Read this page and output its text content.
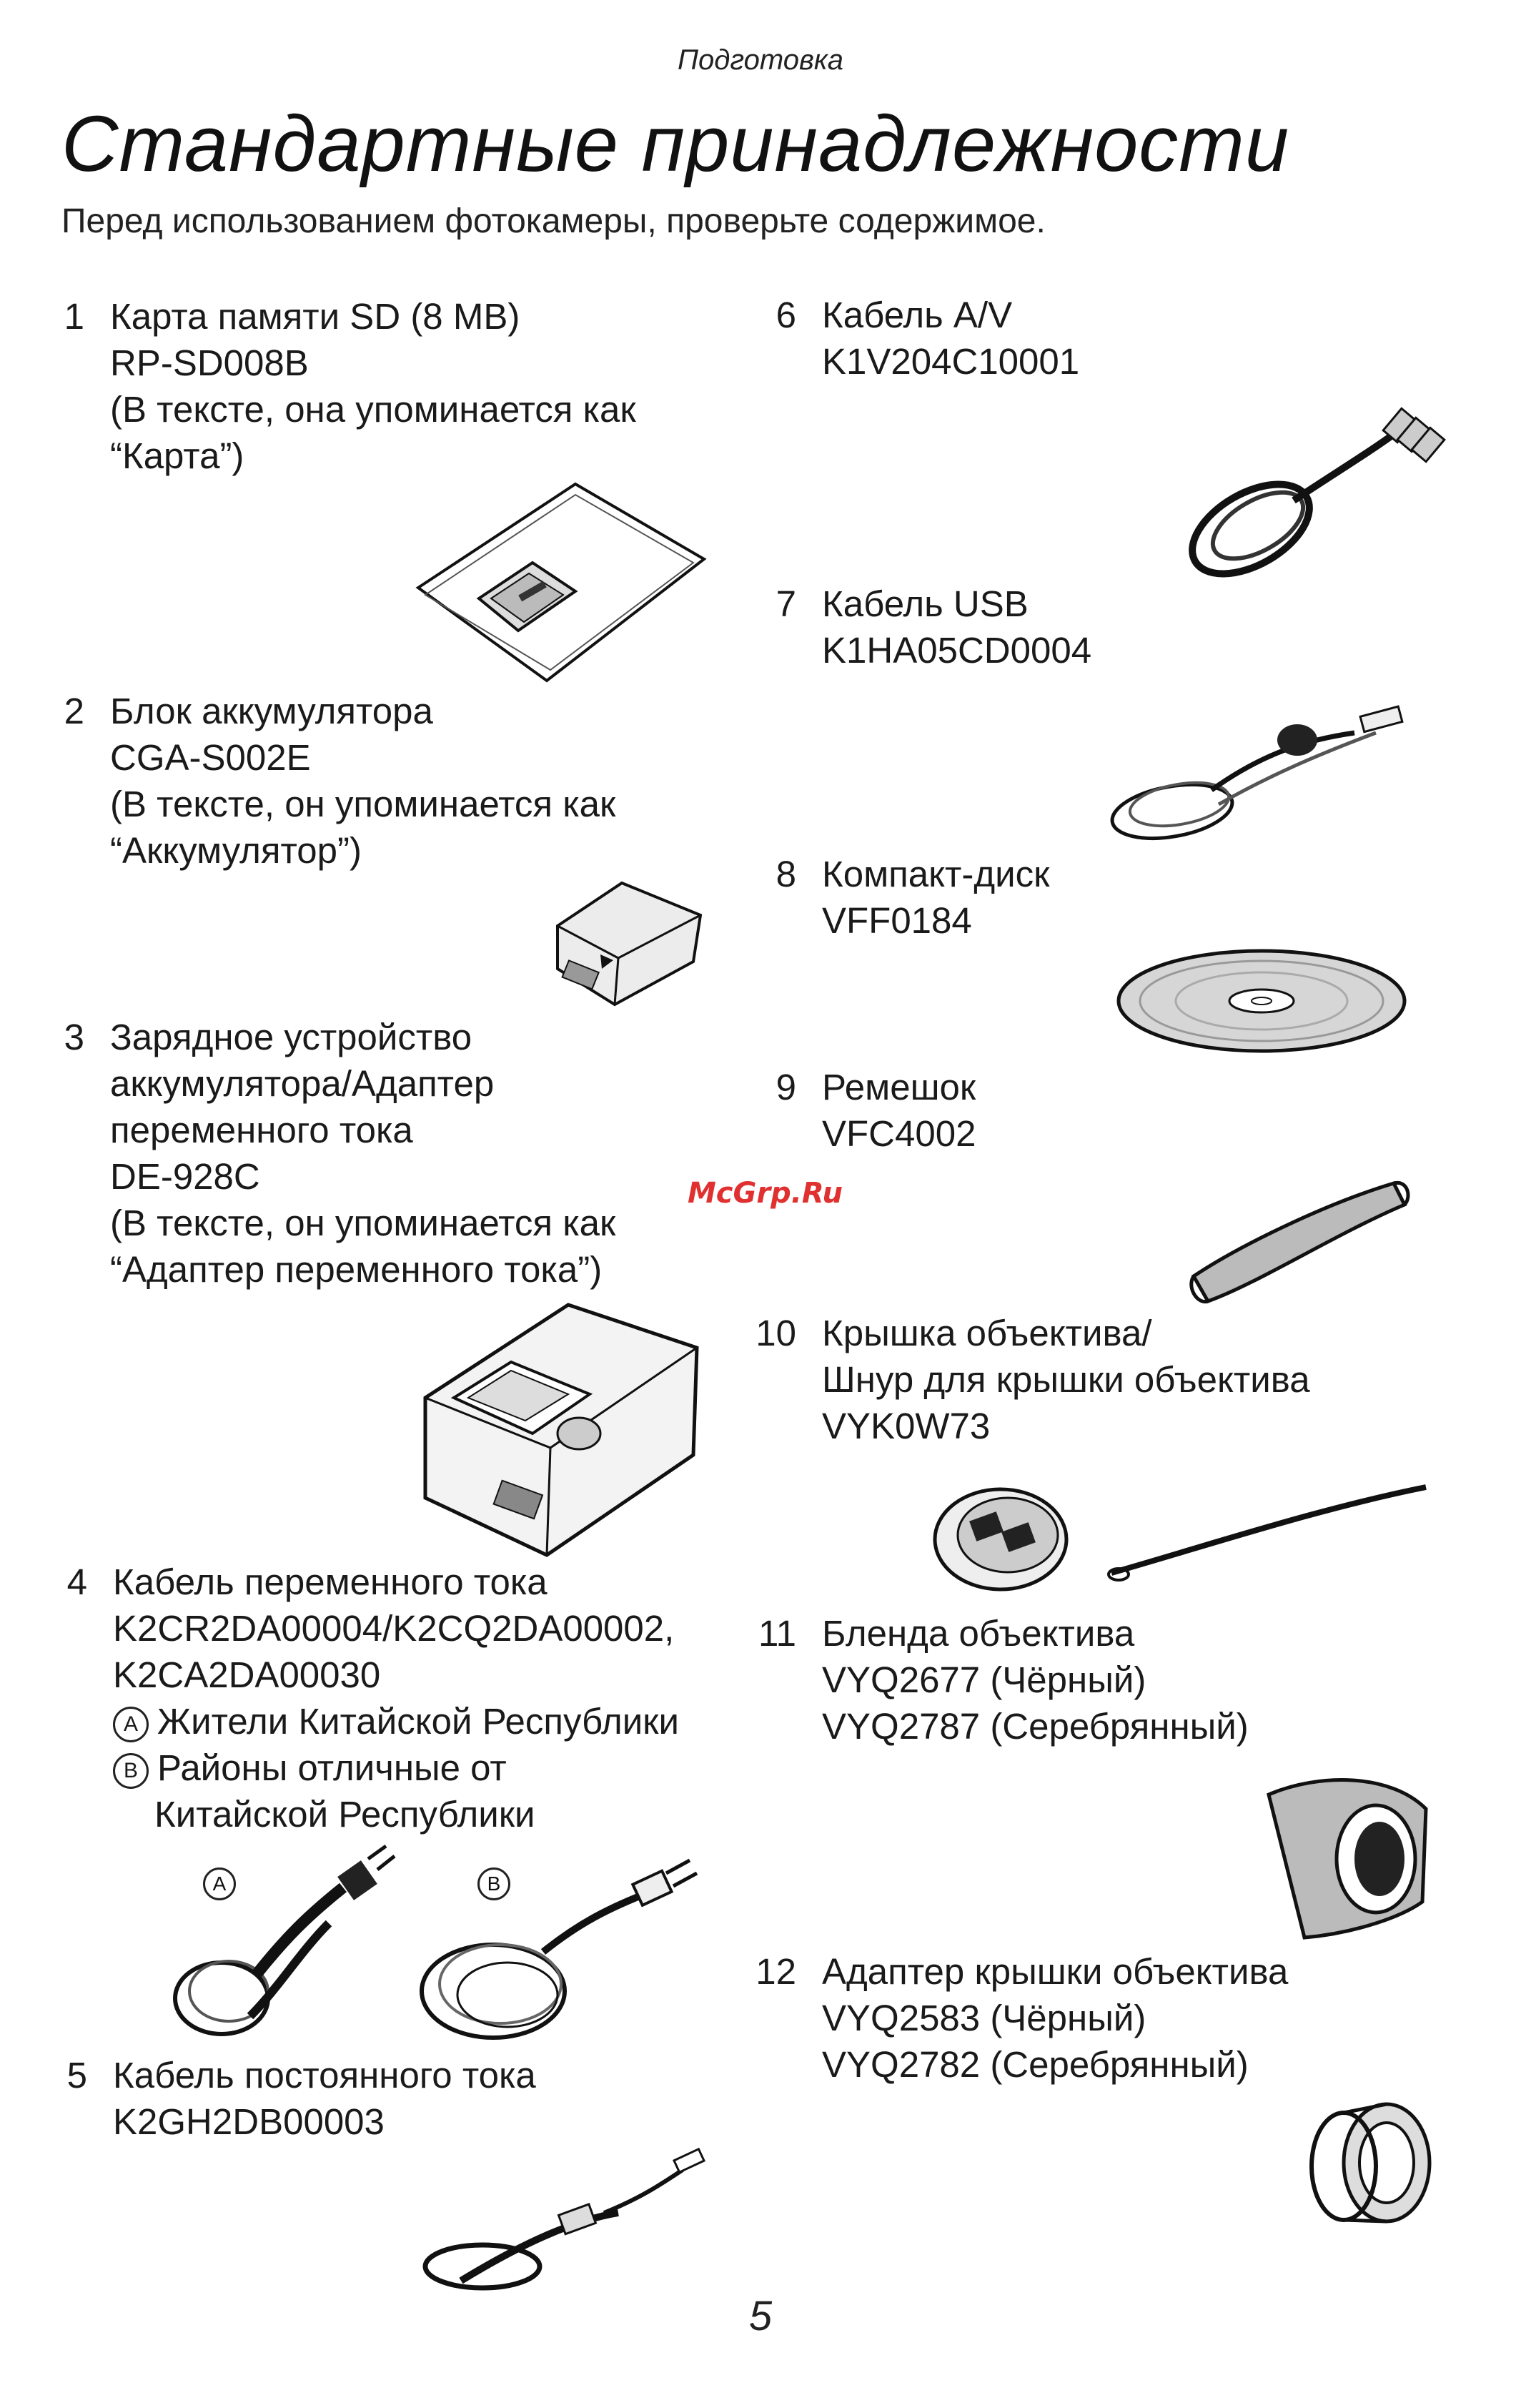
Подготовка
Стандартные принадлежности
Перед использованием фотокамеры, проверьте содержимое.
1 Карта памяти SD (8 MB)
RP-SD008B
(В тексте, она упоминается как
“Карта”)
2 Блок аккумулятора
CGA-S002E
(В тексте, он упоминается как
“Аккумулятор”)
3 Зарядное устройство
аккумулятора/Адаптер
переменного тока
DE-928C
(В тексте, он упоминается как
“Адаптер переменного тока”)
4 Кабель переменного тока
K2CR2DA00004/K2CQ2DA00002,
K2CA2DA00030
A Жители Китайской Республики
B Районы отличные от
Китайской Республики
5 Кабель постоянного тока
K2GH2DB00003
6 Кабель A/V
K1V204C10001
7 Кабель USB
K1HA05CD0004
8 Компакт-диск
VFF0184
9 Ремешок
VFC4002
10 Крышка объектива/
Шнур для крышки объектива
VYK0W73
11 Бленда объектива
VYQ2677 (Чёрный)
VYQ2787 (Серебрянный)
12 Адаптер крышки объектива
VYQ2583 (Чёрный)
VYQ2782 (Серебрянный)
A	B
McGrp.Ru
5
